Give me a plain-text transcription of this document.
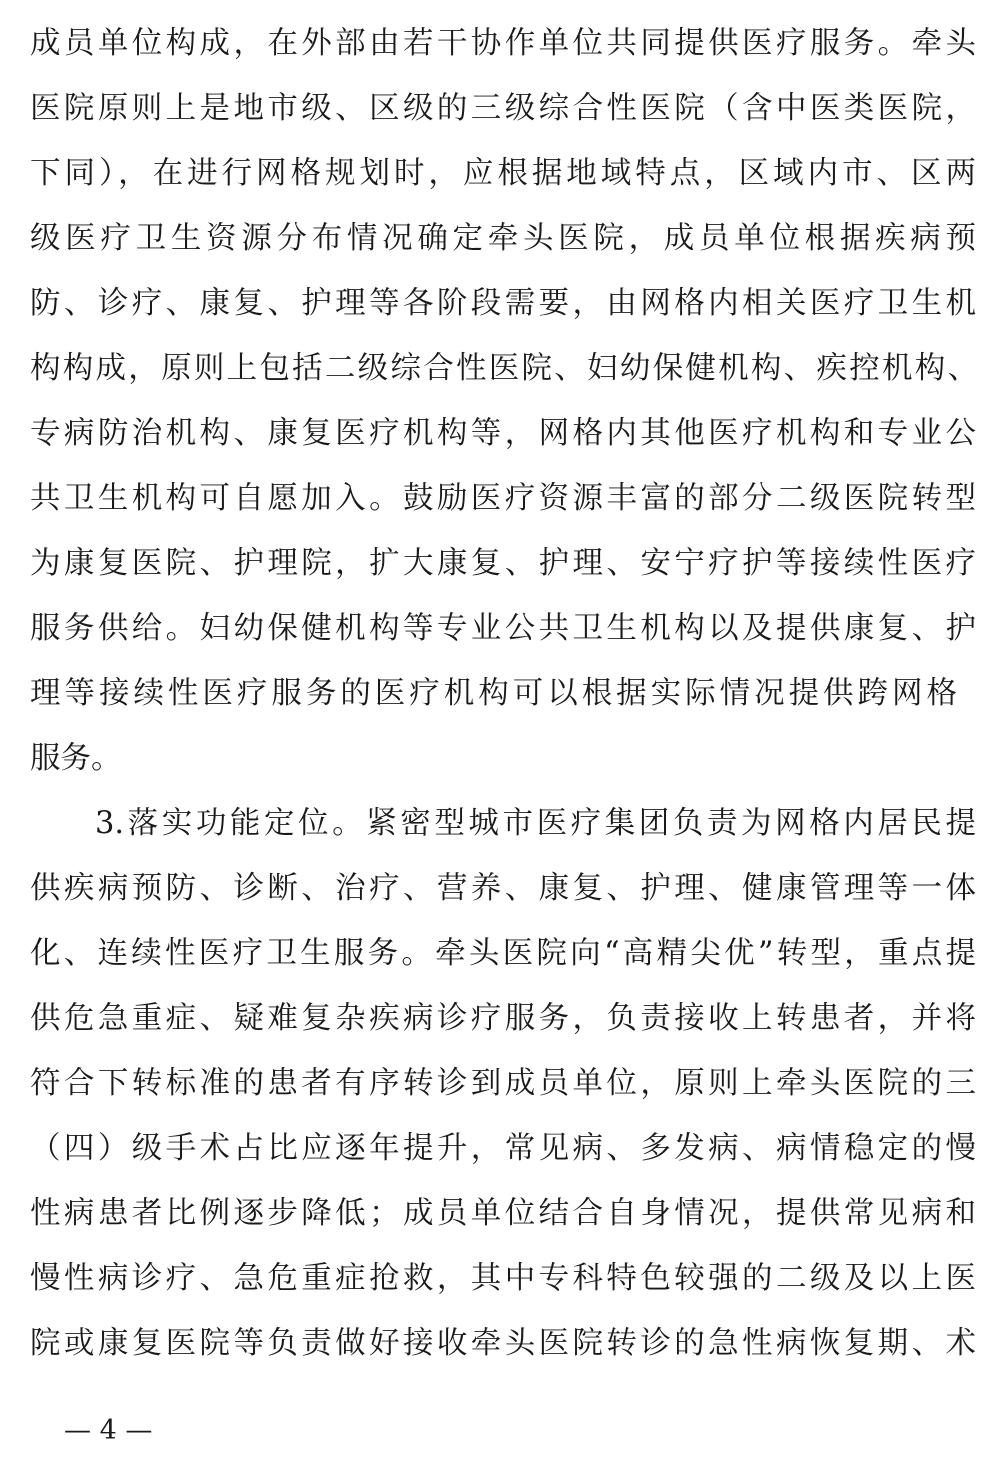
成员单位构成，在外部由若干协作单位共同提供医疗服务。牵头
医院原则上是地市级、区级的三级综合性医院（含中医类医院，
下同），在进行网格规划时，应根据地域特点，区域内市、区两
级医疗卫生资源分布情况确定牵头医院，成员单位根据疾病预
防、诊疗、康复、护理等各阶段需要，由网格内相关医疗卫生机
构构成，原则上包括二级综合性医院、妇幼保健机构、疾控机构、
专病防治机构、康复医疗机构等，网格内其他医疗机构和专业公
共卫生机构可自愿加入。鼓励医疗资源丰富的部分二级医院转型
为康复医院、护理院，扩大康复、护理、安宁疗护等接续性医疗
服务供给。妇幼保健机构等专业公共卫生机构以及提供康复、护
理等接续性医疗服务的医疗机构可以根据实际情况提供跨网格
服务。
3.落实功能定位。紧密型城市医疗集团负责为网格内居民提
供疾病预防、诊断、治疗、营养、康复、护理、健康管理等一体
化、连续性医疗卫生服务。牵头医院向“高精尖优”转型，重点提
供危急重症、疑难复杂疾病诊疗服务，负责接收上转患者，并将
符合下转标准的患者有序转诊到成员单位，原则上牵头医院的三
（四）级手术占比应逐年提升，常见病、多发病、病情稳定的慢
性病患者比例逐步降低；成员单位结合自身情况，提供常见病和
慢性病诊疗、急危重症抢救，其中专科特色较强的二级及以上医
院或康复医院等负责做好接收牵头医院转诊的急性病恢复期、术
— 4 —
